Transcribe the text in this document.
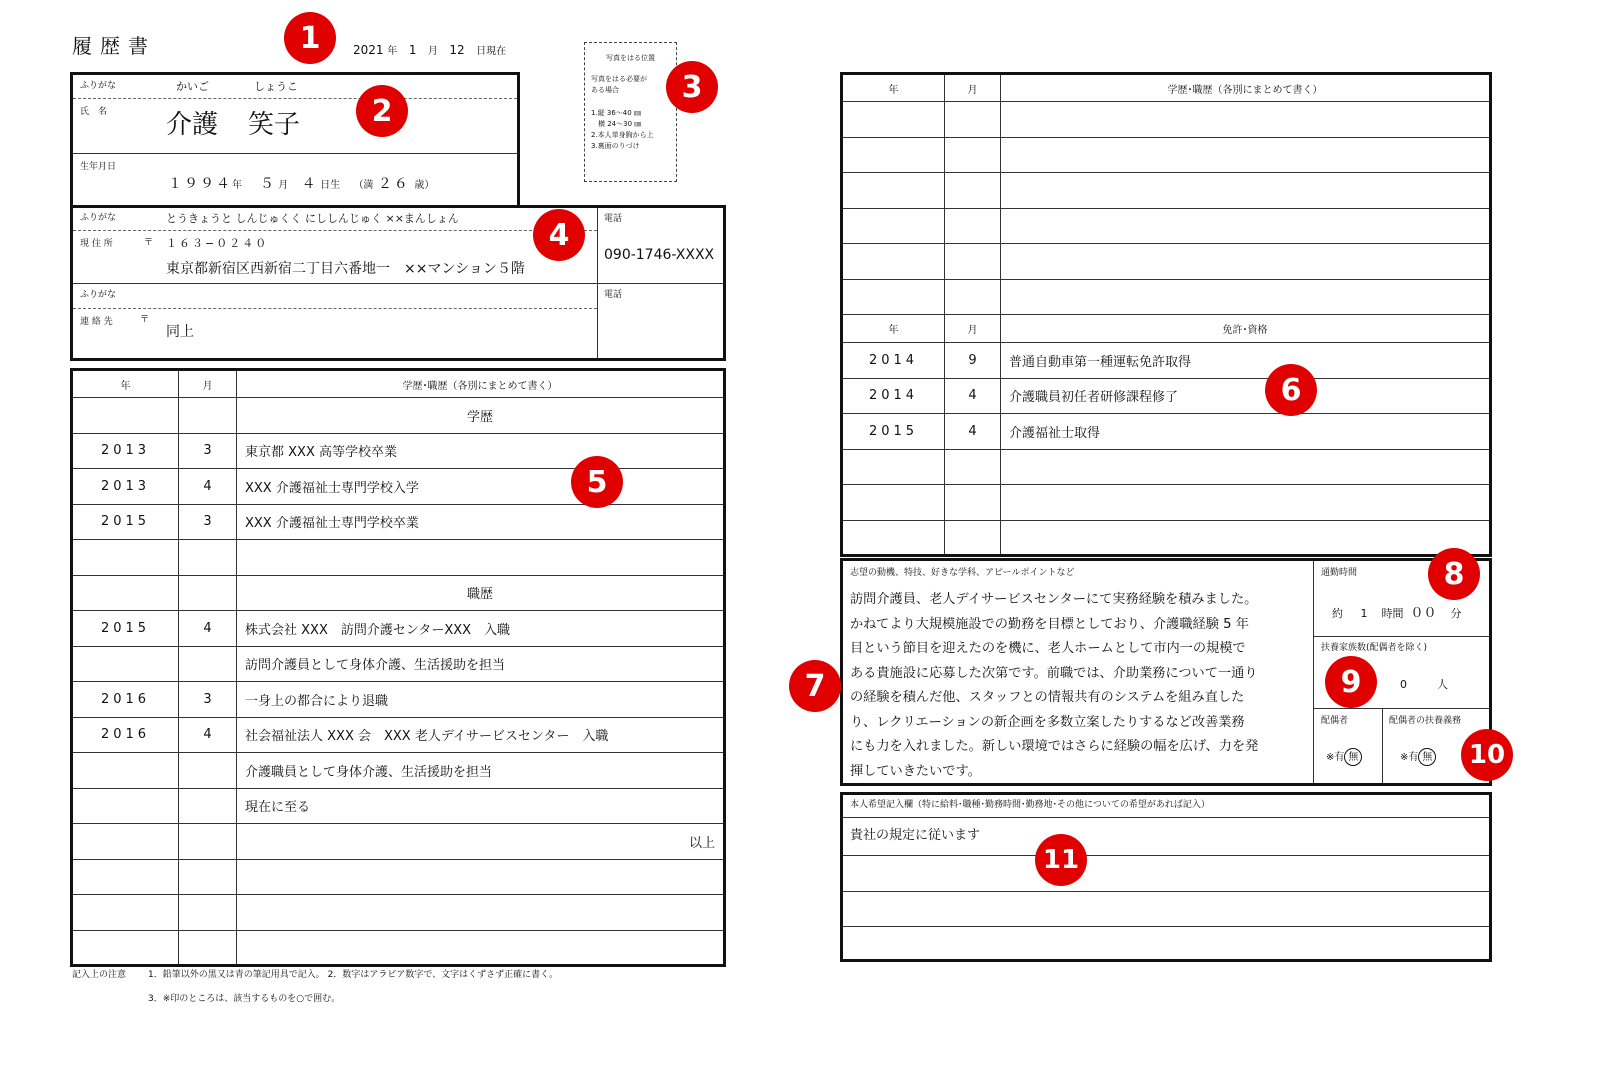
履歴書	2021 年 1 月 12 日現在
写真をはる位置
写真をはる必要が
ある場合
1.縦 36〜40 ㎜
　横 24〜30 ㎜
2.本人単身胸から上
3.裏面のりづけ
ふりがな	かいご	しょうこ
氏　名 介護 笑子
生年月日
１９９４年 ５ 月 ４ 日生 （満 ２６ 歳）
ふりがな	とうきょうと しんじゅくく にししんじゅく ××まんしょん
現 住 所	〒 １６３−０２４０
東京都新宿区西新宿二丁目六番地一　××マンション５階
電話
090-1746-XXXX
ふりがな
連 絡 先	〒
同上
電話
年	月	学歴･職歴（各別にまとめて書く）
		学歴
2013	3	東京都 XXX 高等学校卒業
2013	4	XXX 介護福祉士専門学校入学
2015	3	XXX 介護福祉士専門学校卒業

		職歴
2015	4	株式会社 XXX　訪問介護センターXXX　入職
		訪問介護員として身体介護、生活援助を担当
2016	3	一身上の都合により退職
2016	4	社会福祉法人 XXX 会　XXX 老人デイサービスセンター　入職
		介護職員として身体介護、生活援助を担当
		現在に至る
		以上

年	月	学歴･職歴（各別にまとめて書く）

年	月	免許･資格
2014	9	普通自動車第一種運転免許取得
2014	4	介護職員初任者研修課程修了
2015	4	介護福祉士取得

志望の動機、特技、好きな学科、アピールポイントなど
訪問介護員、老人デイサービスセンターにて実務経験を積みました。
かねてより大規模施設での勤務を目標としており、介護職経験 5 年
目という節目を迎えたのを機に、老人ホームとして市内一の規模で
ある貴施設に応募した次第です。前職では、介助業務について一通り
の経験を積んだ他、スタッフとの情報共有のシステムを組み直した
り、レクリエーションの新企画を多数立案したりするなど改善業務
にも力を入れました。新しい環境ではさらに経験の幅を広げ、力を発
揮していきたいです。
通勤時間
約 1 時間 ００ 分
扶養家族数(配偶者を除く)
0	人
配偶者
※有 無
配偶者の扶養義務
※有 無
本人希望記入欄（特に給料･職種･勤務時間･勤務地･その他についての希望があれば記入）
貴社の規定に従います
記入上の注意 1．鉛筆以外の黒又は青の筆記用具で記入。 2．数字はアラビア数字で、文字はくずさず正確に書く。
3．※印のところは、該当するものを○で囲む。
1
2
3
4
5
6
7
8
9
10
11
